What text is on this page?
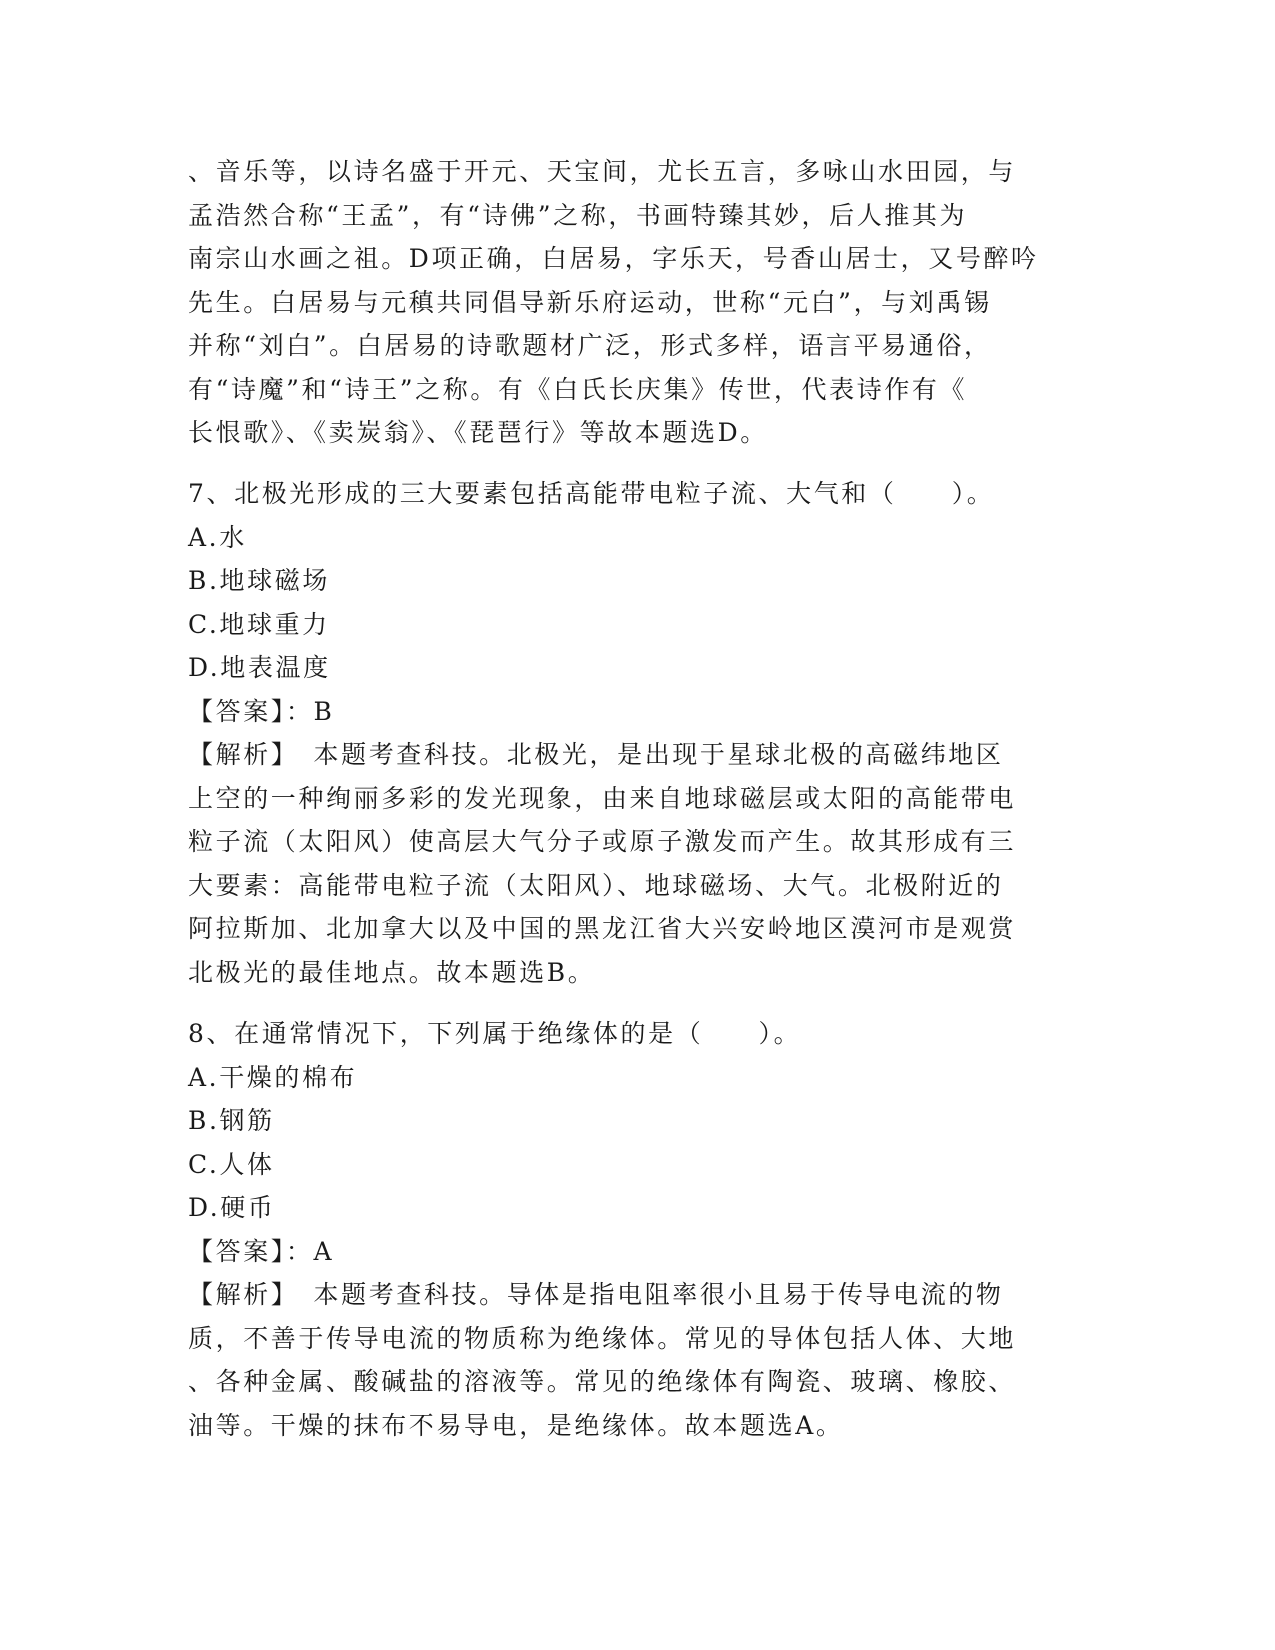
、音乐等，以诗名盛于开元、天宝间，尤长五言，多咏山水田园，与
孟浩然合称“王孟”，有“诗佛”之称，书画特臻其妙，后人推其为
南宗山水画之祖。D项正确，白居易，字乐天，号香山居士，又号醉吟
先生。白居易与元稹共同倡导新乐府运动，世称“元白”，与刘禹锡
并称“刘白”。白居易的诗歌题材广泛，形式多样，语言平易通俗，
有“诗魔”和“诗王”之称。有《白氏长庆集》传世，代表诗作有《
长恨歌》、《卖炭翁》、《琵琶行》等故本题选D。
7、北极光形成的三大要素包括高能带电粒子流、大气和（　　）。
A.水
B.地球磁场
C.地球重力
D.地表温度
【答案】：B
【解析】　本题考查科技。北极光，是出现于星球北极的高磁纬地区
上空的一种绚丽多彩的发光现象，由来自地球磁层或太阳的高能带电
粒子流（太阳风）使高层大气分子或原子激发而产生。故其形成有三
大要素：高能带电粒子流（太阳风）、地球磁场、大气。北极附近的
阿拉斯加、北加拿大以及中国的黑龙江省大兴安岭地区漠河市是观赏
北极光的最佳地点。故本题选B。
8、在通常情况下，下列属于绝缘体的是（　　）。
A.干燥的棉布
B.钢筋
C.人体
D.硬币
【答案】：A
【解析】　本题考查科技。导体是指电阻率很小且易于传导电流的物
质，不善于传导电流的物质称为绝缘体。常见的导体包括人体、大地
、各种金属、酸碱盐的溶液等。常见的绝缘体有陶瓷、玻璃、橡胶、
油等。干燥的抹布不易导电，是绝缘体。故本题选A。
